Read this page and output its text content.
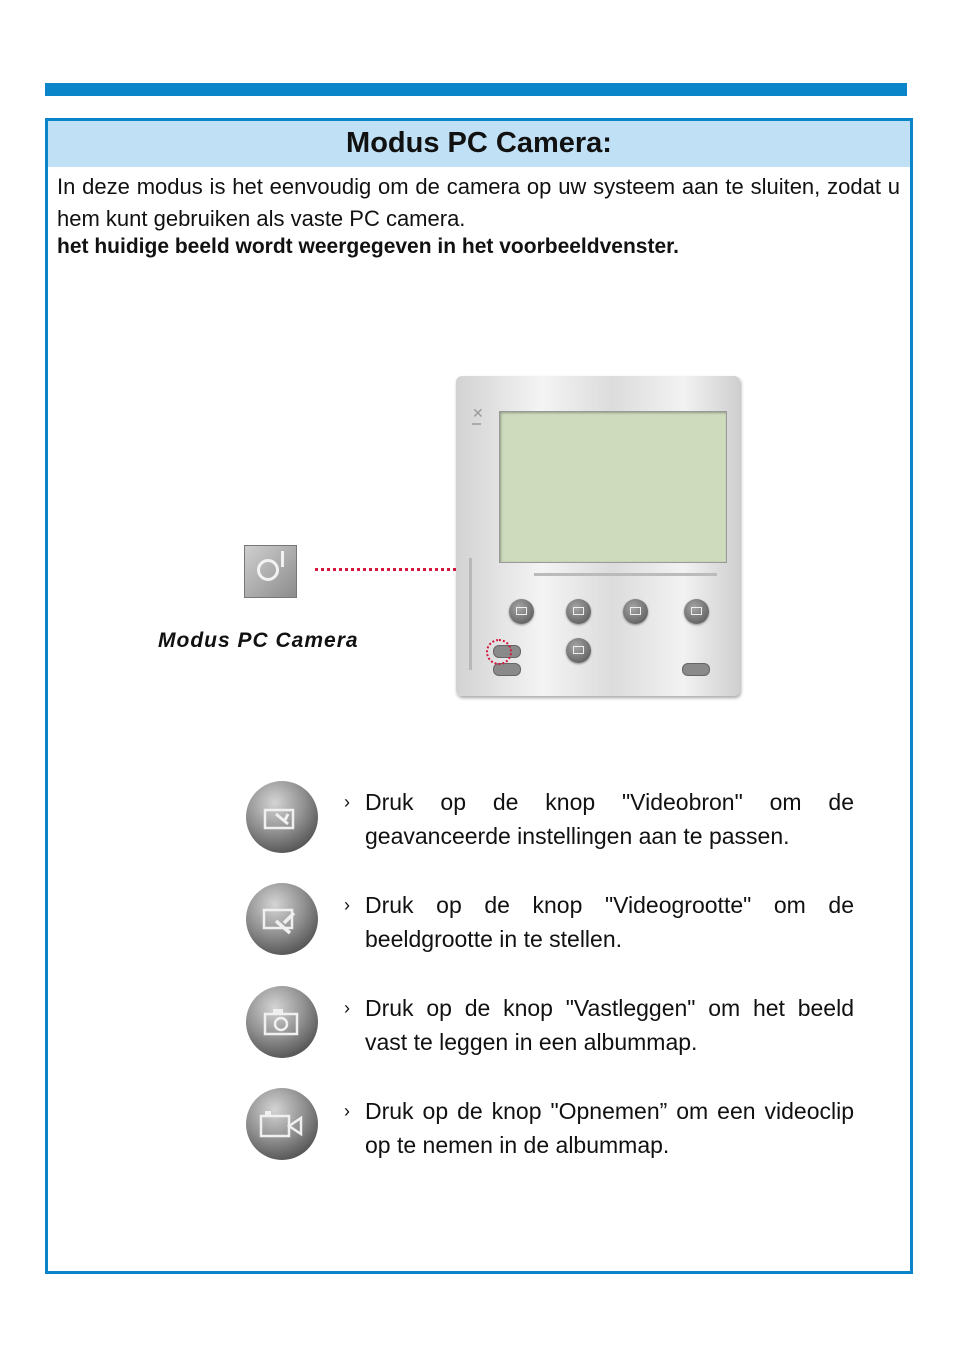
Modus PC Camera:
In deze modus is het eenvoudig om de camera op uw systeem aan te sluiten, zodat u hem kunt gebruiken als vaste PC camera.
het huidige beeld wordt weergegeven in het voorbeeldvenster.
Modus PC Camera
✕
› Druk op de knop "Videobron" om de geavanceerde instellingen aan te passen.
› Druk op de knop "Videogrootte" om de beeldgrootte in te stellen.
› Druk op de knop "Vastleggen" om het beeld vast te leggen in een albummap.
› Druk op de knop "Opnemen” om een videoclip op te nemen in de albummap.
